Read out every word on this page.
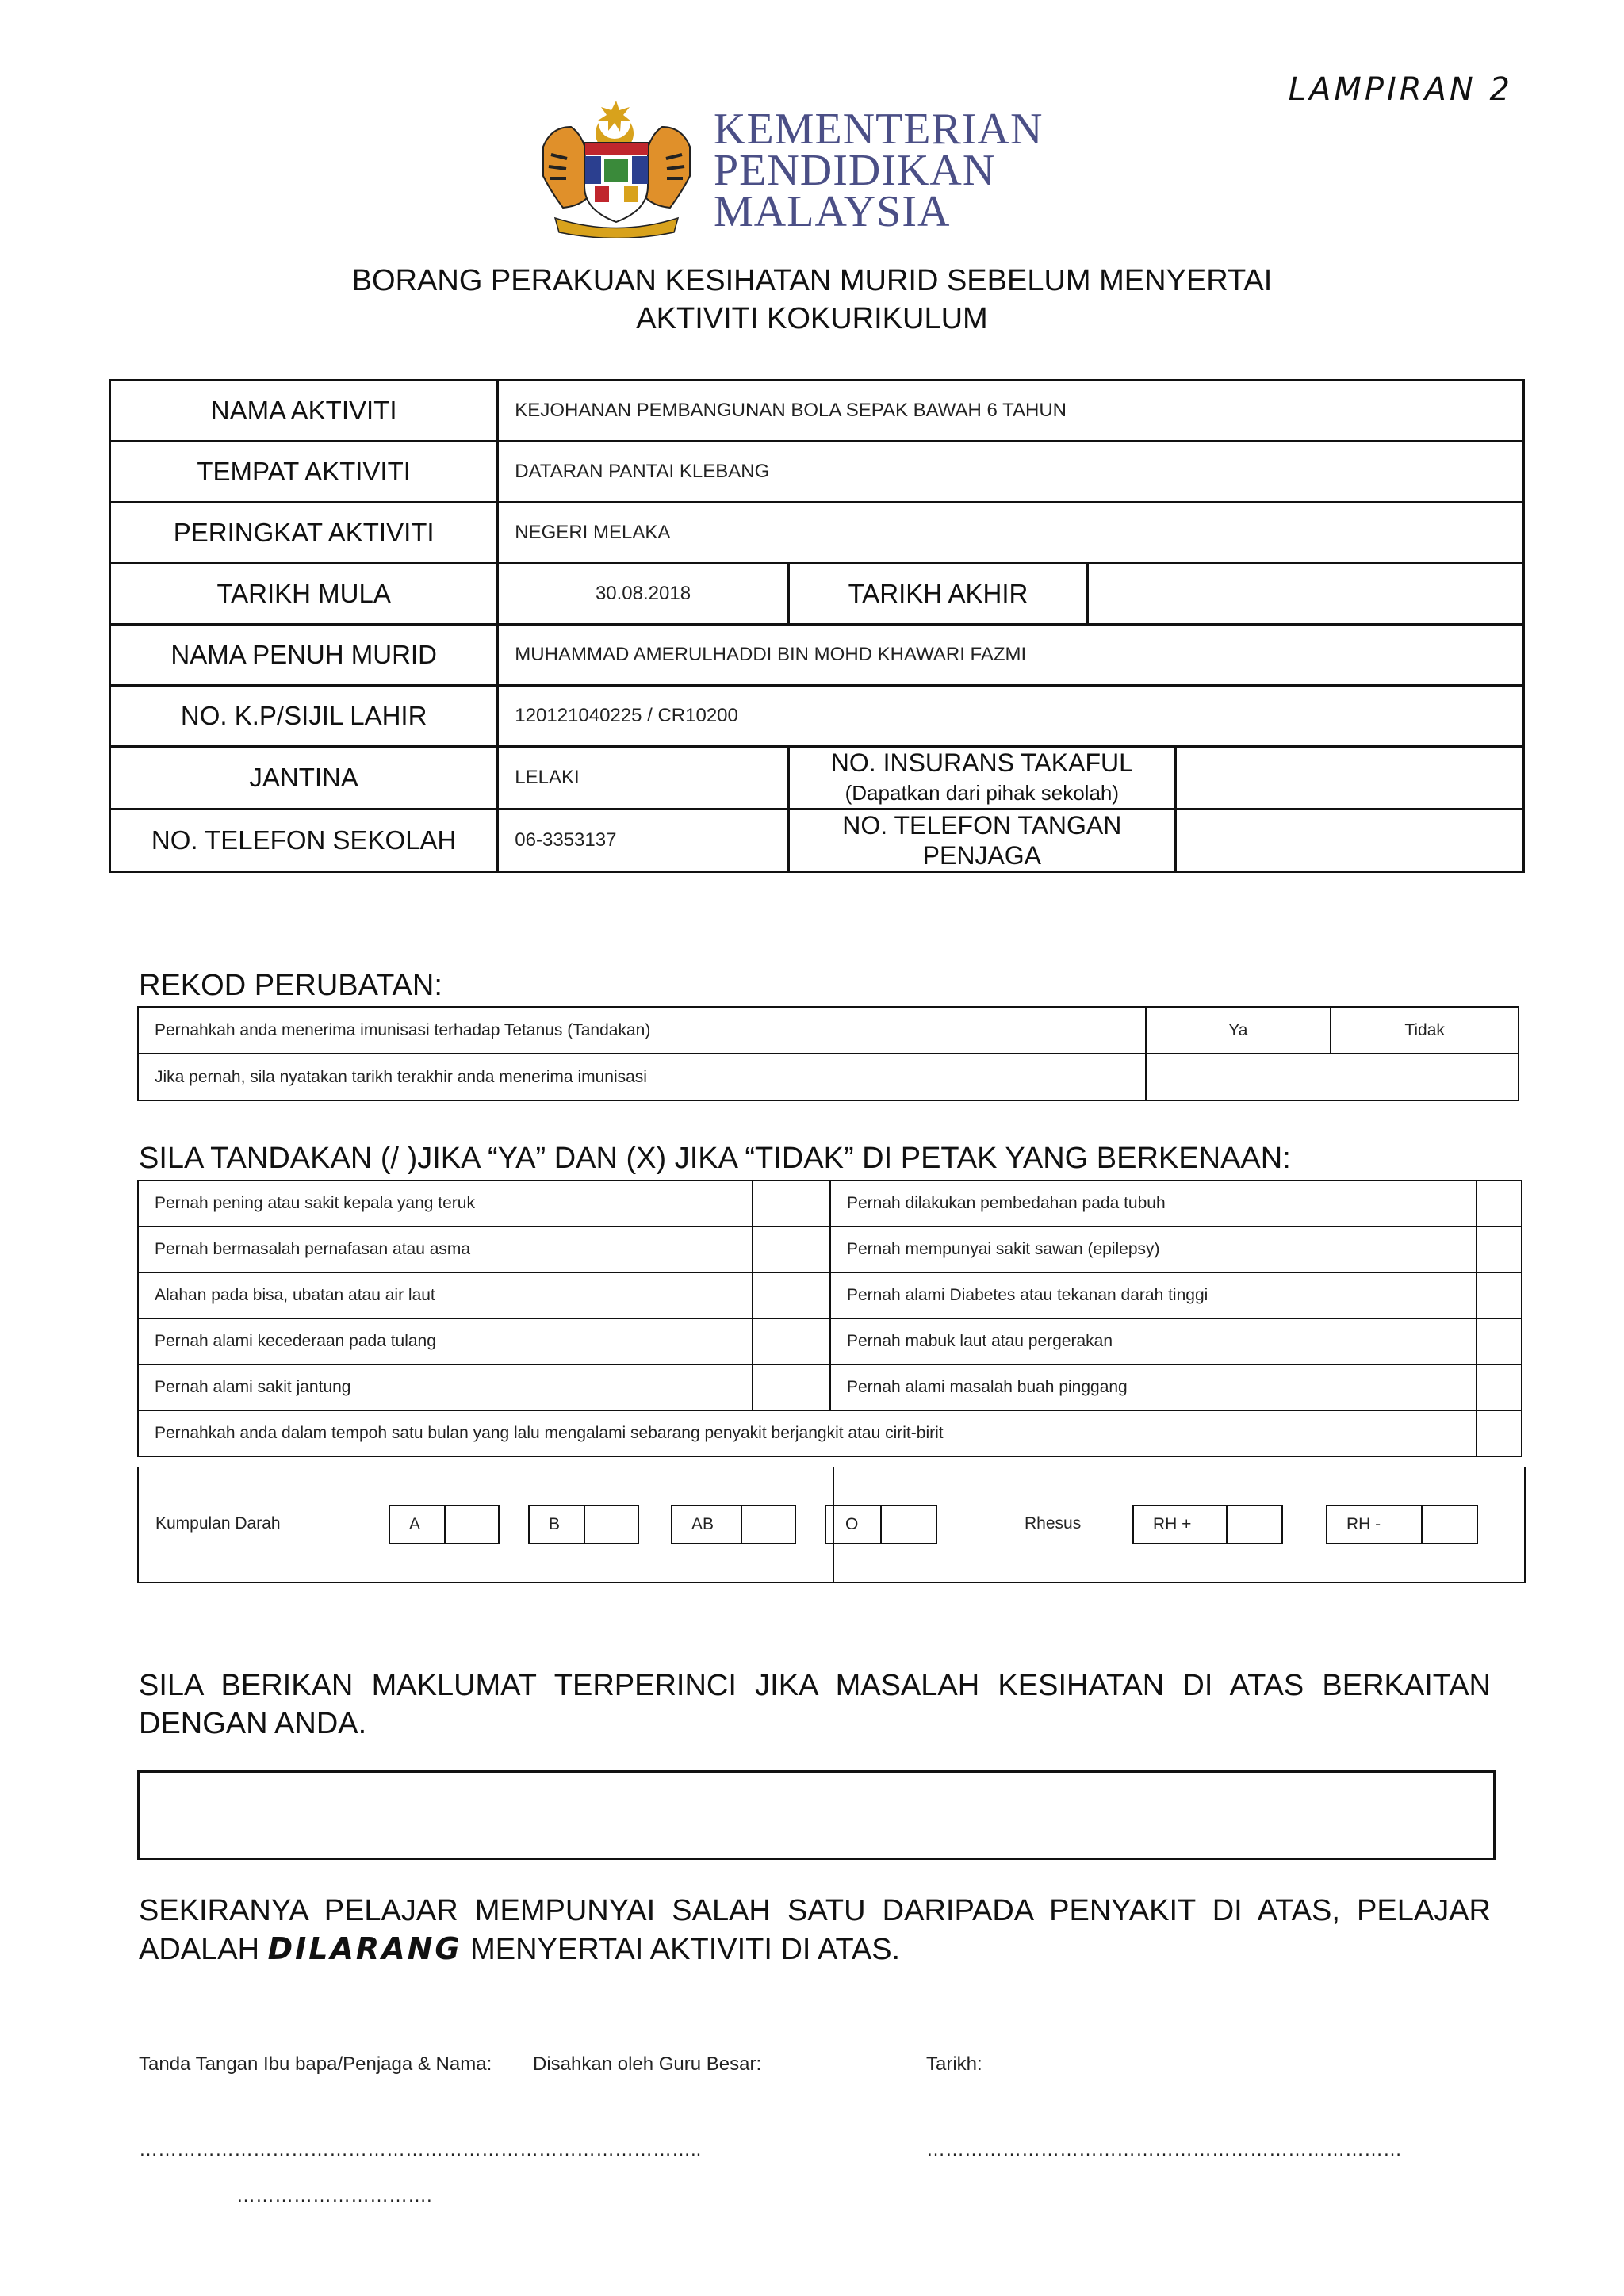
LAMPIRAN 2
KEMENTERIAN
PENDIDIKAN
MALAYSIA
BORANG PERAKUAN KESIHATAN MURID SEBELUM MENYERTAI
AKTIVITI KOKURIKULUM
NAMA AKTIVITI	KEJOHANAN PEMBANGUNAN BOLA SEPAK BAWAH 6 TAHUN			
TEMPAT AKTIVITI	DATARAN PANTAI KLEBANG			
PERINGKAT AKTIVITI	NEGERI MELAKA			
TARIKH MULA	30.08.2018	TARIKH AKHIR		
NAMA PENUH MURID	MUHAMMAD AMERULHADDI BIN MOHD KHAWARI FAZMI			
NO. K.P/SIJIL LAHIR	120121040225 / CR10200			
JANTINA	LELAKI	NO. INSURANS TAKAFUL
(Dapatkan dari pihak sekolah)		

NO. TELEFON SEKOLAH	06-3353137	NO. TELEFON TANGAN PENJAGA		
REKOD PERUBATAN:
Pernahkah anda menerima imunisasi terhadap Tetanus (Tandakan)	Ya	Tidak
Jika pernah, sila nyatakan tarikh terakhir anda menerima imunisasi		
SILA TANDAKAN (/ )JIKA “YA” DAN (X) JIKA “TIDAK” DI PETAK YANG BERKENAAN:
Pernah pening atau sakit kepala yang teruk		Pernah dilakukan pembedahan pada tubuh	
Pernah bermasalah pernafasan atau asma		Pernah mempunyai sakit sawan (epilepsy)	
Alahan pada bisa, ubatan atau air laut		Pernah alami Diabetes atau tekanan darah tinggi	
Pernah alami kecederaan pada tulang		Pernah mabuk laut atau pergerakan	
Pernah alami sakit jantung		Pernah alami masalah buah pinggang	
Pernahkah anda dalam tempoh satu bulan yang lalu mengalami sebarang penyakit berjangkit atau cirit-birit			
Kumpulan Darah	A	B	AB	O	Rhesus	RH +	RH -
SILA BERIKAN MAKLUMAT TERPERINCI JIKA MASALAH KESIHATAN DI ATAS BERKAITAN DENGAN ANDA.
SEKIRANYA PELAJAR MEMPUNYAI SALAH SATU DARIPADA PENYAKIT DI ATAS, PELAJAR ADALAH DILARANG MENYERTAI AKTIVITI DI ATAS.
Tanda Tangan Ibu bapa/Penjaga & Nama: Disahkan oleh Guru Besar:	Tarikh:
……………………………………………………………………………..	…………………………………………………………………
………………………….
